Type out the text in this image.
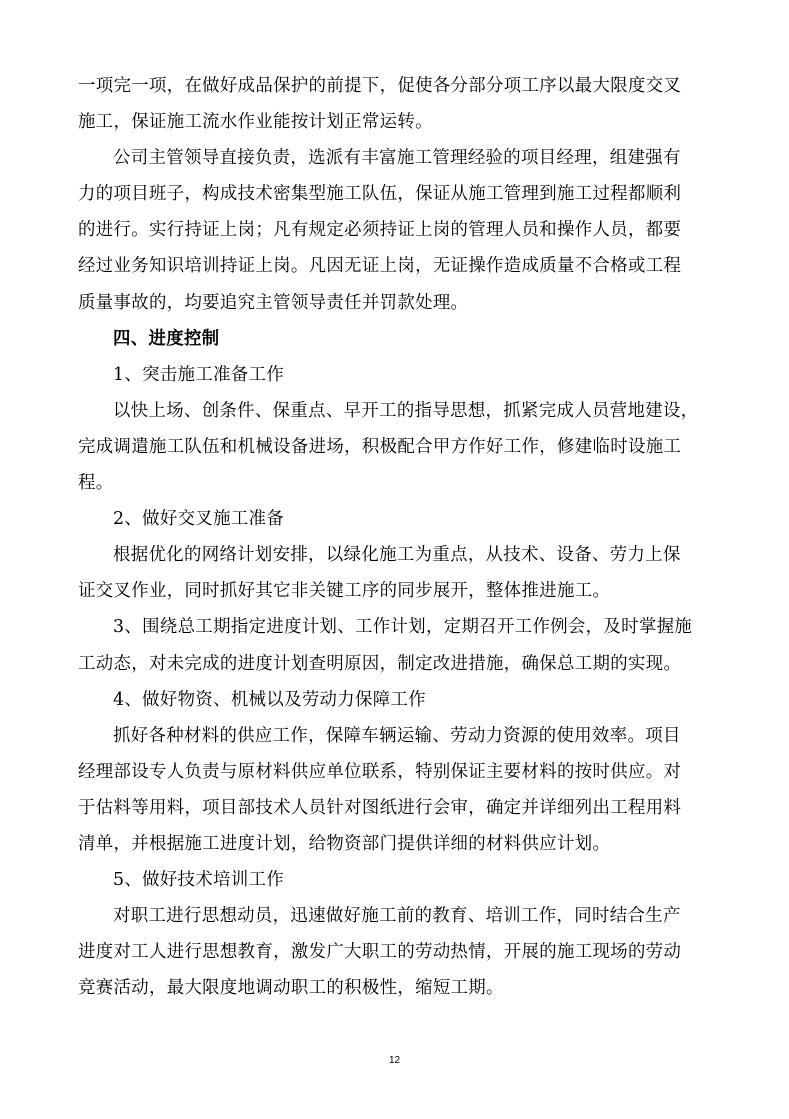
一项完一项，在做好成品保护的前提下，促使各分部分项工序以最大限度交叉
施工，保证施工流水作业能按计划正常运转。
公司主管领导直接负责，选派有丰富施工管理经验的项目经理，组建强有
力的项目班子，构成技术密集型施工队伍，保证从施工管理到施工过程都顺利
的进行。实行持证上岗；凡有规定必须持证上岗的管理人员和操作人员，都要
经过业务知识培训持证上岗。凡因无证上岗，无证操作造成质量不合格或工程
质量事故的，均要追究主管领导责任并罚款处理。
四、进度控制
1、突击施工准备工作
以快上场、创条件、保重点、早开工的指导思想，抓紧完成人员营地建设，
完成调遣施工队伍和机械设备进场，积极配合甲方作好工作，修建临时设施工
程。
2、做好交叉施工准备
根据优化的网络计划安排，以绿化施工为重点，从技术、设备、劳力上保
证交叉作业，同时抓好其它非关键工序的同步展开，整体推进施工。
3、围绕总工期指定进度计划、工作计划，定期召开工作例会，及时掌握施
工动态，对未完成的进度计划查明原因，制定改进措施，确保总工期的实现。
4、做好物资、机械以及劳动力保障工作
抓好各种材料的供应工作，保障车辆运输、劳动力资源的使用效率。项目
经理部设专人负责与原材料供应单位联系，特别保证主要材料的按时供应。对
于估料等用料，项目部技术人员针对图纸进行会审，确定并详细列出工程用料
清单，并根据施工进度计划，给物资部门提供详细的材料供应计划。
5、做好技术培训工作
对职工进行思想动员，迅速做好施工前的教育、培训工作，同时结合生产
进度对工人进行思想教育，激发广大职工的劳动热情，开展的施工现场的劳动
竞赛活动，最大限度地调动职工的积极性，缩短工期。
12
